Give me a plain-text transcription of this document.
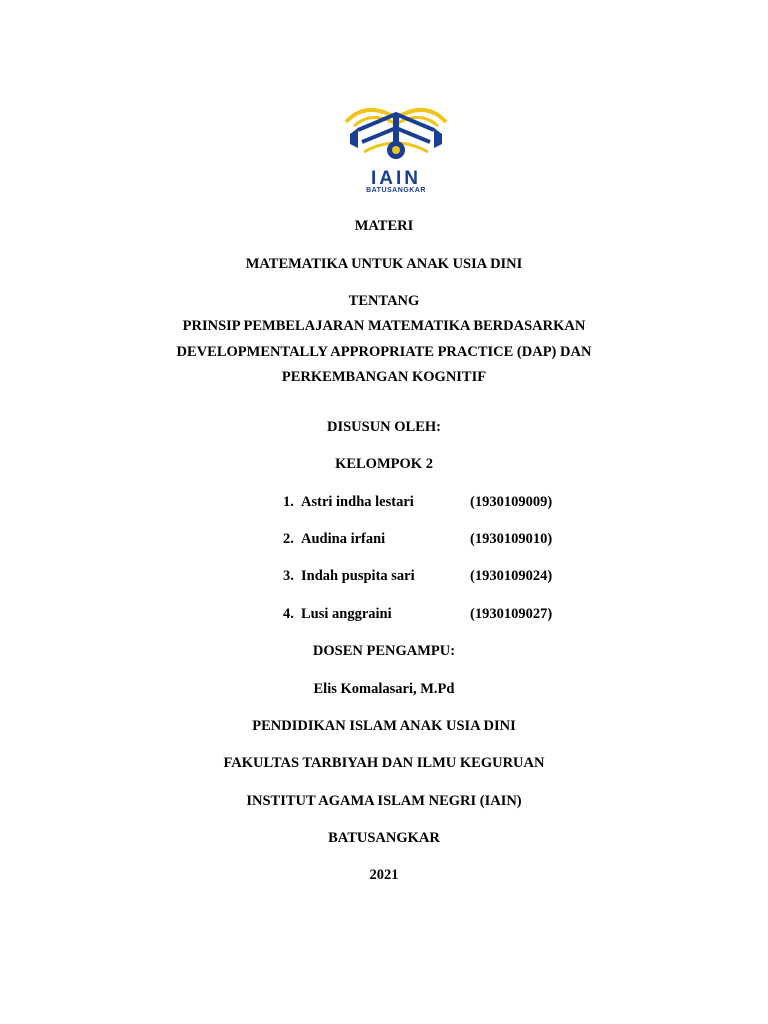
IAIN
BATUSANGKAR
MATERI
MATEMATIKA UNTUK ANAK USIA DINI
TENTANG
PRINSIP PEMBELAJARAN MATEMATIKA BERDASARKAN
DEVELOPMENTALLY APPROPRIATE PRACTICE (DAP) DAN
PERKEMBANGAN KOGNITIF
DISUSUN OLEH:
KELOMPOK 2
1. Astri indha lestari	(1930109009)
2. Audina irfani	(1930109010)
3. Indah puspita sari	(1930109024)
4. Lusi anggraini	(1930109027)
DOSEN PENGAMPU:
Elis Komalasari, M.Pd
PENDIDIKAN ISLAM ANAK USIA DINI
FAKULTAS TARBIYAH DAN ILMU KEGURUAN
INSTITUT AGAMA ISLAM NEGRI (IAIN)
BATUSANGKAR
2021
